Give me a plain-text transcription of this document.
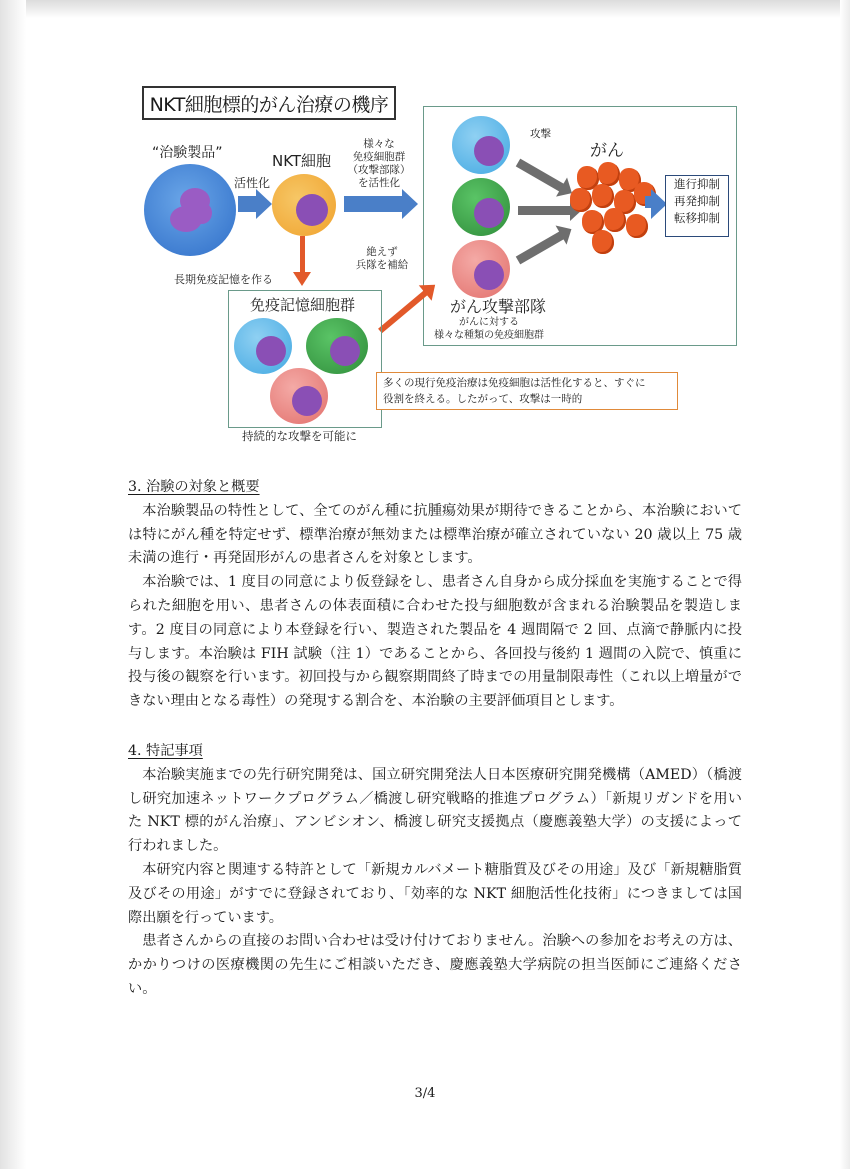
NKT細胞標的がん治療の機序
“治験製品”
活性化
NKT細胞
様々な
免疫細胞群
（攻撃部隊）
を活性化
長期免疫記憶を作る
攻撃
がん
進行抑制
再発抑制
転移抑制
がん攻撃部隊
がんに対する
様々な種類の免疫細胞群
絶えず
兵隊を補給
免疫記憶細胞群
持続的な攻撃を可能に
多くの現行免疫治療は免疫細胞は活性化すると、すぐに
役割を終える。したがって、攻撃は一時的
3. 治験の対象と概要
本治験製品の特性として、全てのがん種に抗腫瘍効果が期待できることから、本治験においては特にがん種を特定せず、標準治療が無効または標準治療が確立されていない 20 歳以上 75 歳未満の進行・再発固形がんの患者さんを対象とします。
本治験では、1 度目の同意により仮登録をし、患者さん自身から成分採血を実施することで得られた細胞を用い、患者さんの体表面積に合わせた投与細胞数が含まれる治験製品を製造します。2 度目の同意により本登録を行い、製造された製品を 4 週間隔で 2 回、点滴で静脈内に投与します。本治験は FIH 試験（注 1）であることから、各回投与後約 1 週間の入院で、慎重に投与後の観察を行います。初回投与から観察期間終了時までの用量制限毒性（これ以上増量ができない理由となる毒性）の発現する割合を、本治験の主要評価項目とします。
4. 特記事項
本治験実施までの先行研究開発は、国立研究開発法人日本医療研究開発機構（AMED）（橋渡し研究加速ネットワークプログラム／橋渡し研究戦略的推進プログラム）「新規リガンドを用いた NKT 標的がん治療」、アンビシオン、橋渡し研究支援拠点（慶應義塾大学）の支援によって行われました。
本研究内容と関連する特許として「新規カルバメート糖脂質及びその用途」及び「新規糖脂質及びその用途」がすでに登録されており、「効率的な NKT 細胞活性化技術」につきましては国際出願を行っています。
患者さんからの直接のお問い合わせは受け付けておりません。治験への参加をお考えの方は、かかりつけの医療機関の先生にご相談いただき、慶應義塾大学病院の担当医師にご連絡ください。
3/4
